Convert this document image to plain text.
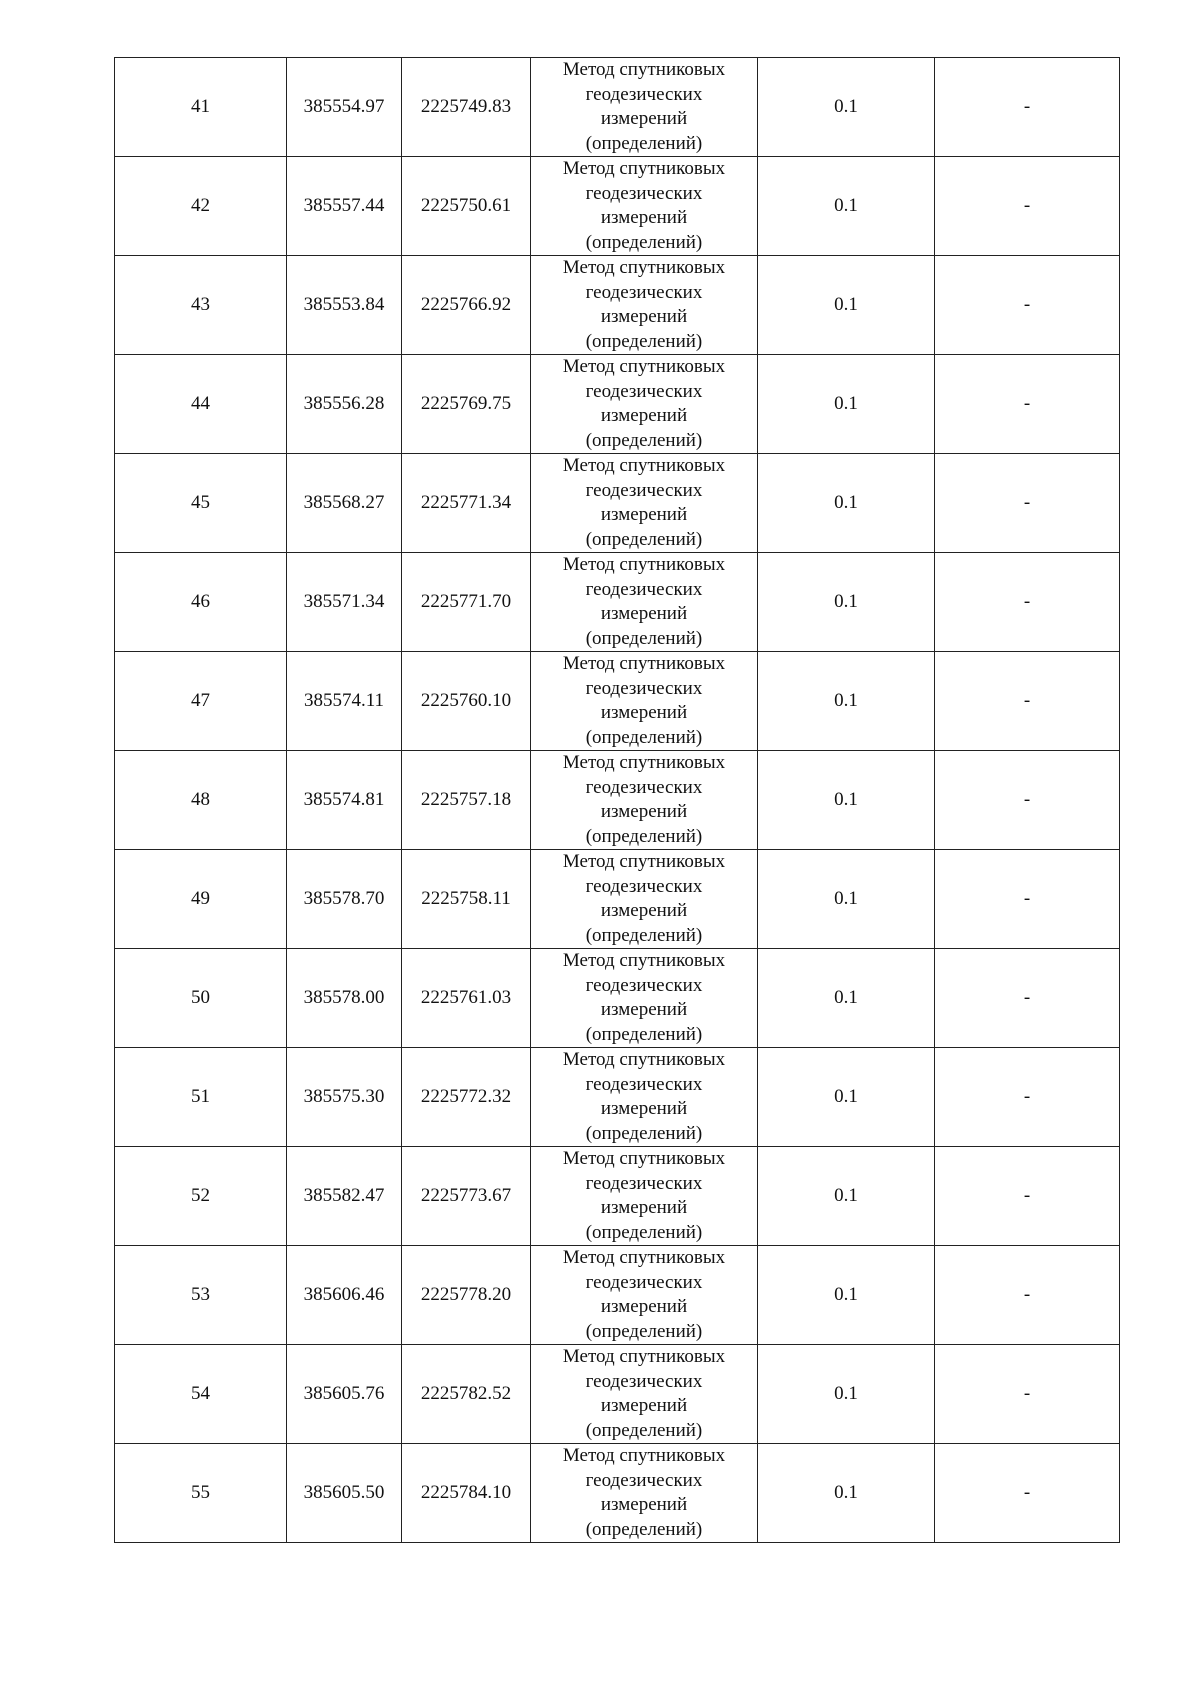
41	385554.97	2225749.83	Метод спутниковых
геодезических
измерений
(определений)	0.1	-
42	385557.44	2225750.61	Метод спутниковых
геодезических
измерений
(определений)	0.1	-
43	385553.84	2225766.92	Метод спутниковых
геодезических
измерений
(определений)	0.1	-
44	385556.28	2225769.75	Метод спутниковых
геодезических
измерений
(определений)	0.1	-
45	385568.27	2225771.34	Метод спутниковых
геодезических
измерений
(определений)	0.1	-
46	385571.34	2225771.70	Метод спутниковых
геодезических
измерений
(определений)	0.1	-
47	385574.11	2225760.10	Метод спутниковых
геодезических
измерений
(определений)	0.1	-
48	385574.81	2225757.18	Метод спутниковых
геодезических
измерений
(определений)	0.1	-
49	385578.70	2225758.11	Метод спутниковых
геодезических
измерений
(определений)	0.1	-
50	385578.00	2225761.03	Метод спутниковых
геодезических
измерений
(определений)	0.1	-
51	385575.30	2225772.32	Метод спутниковых
геодезических
измерений
(определений)	0.1	-
52	385582.47	2225773.67	Метод спутниковых
геодезических
измерений
(определений)	0.1	-
53	385606.46	2225778.20	Метод спутниковых
геодезических
измерений
(определений)	0.1	-
54	385605.76	2225782.52	Метод спутниковых
геодезических
измерений
(определений)	0.1	-
55	385605.50	2225784.10	Метод спутниковых
геодезических
измерений
(определений)	0.1	-
